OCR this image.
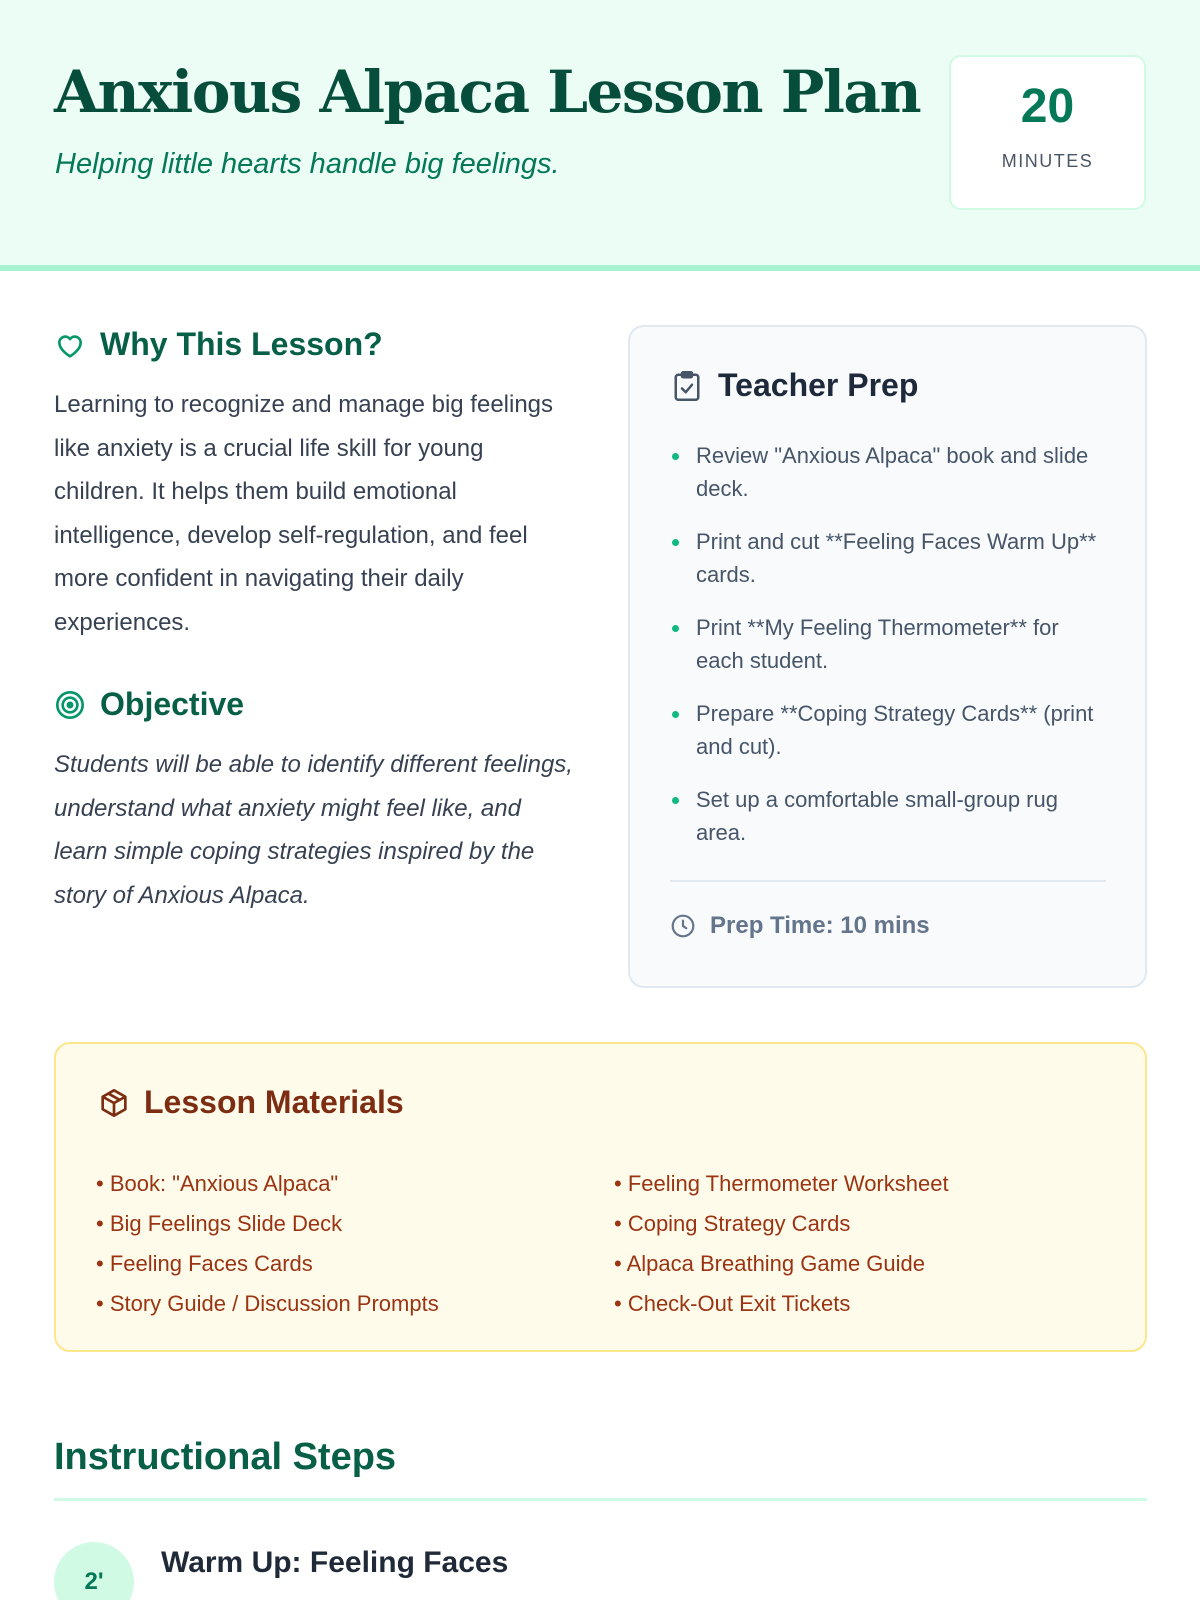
Anxious Alpaca Lesson Plan

Helping little hearts handle big feelings.

20
MINUTES
Why This Lesson?

Learning to recognize and manage big feelings like anxiety is a crucial life skill for young children. It helps them build emotional intelligence, develop self-regulation, and feel more confident in navigating their daily experiences.

Objective

Students will be able to identify different feelings, understand what anxiety might feel like, and learn simple coping strategies inspired by the story of Anxious Alpaca.

Teacher Prep
Review "Anxious Alpaca" book and slide deck.
Print and cut **Feeling Faces Warm Up** cards.
Print **My Feeling Thermometer** for each student.
Prepare **Coping Strategy Cards** (print and cut).
Set up a comfortable small-group rug area.
Prep Time: 10 mins
Lesson Materials
• Book: "Anxious Alpaca"
• Big Feelings Slide Deck
• Feeling Faces Cards
• Story Guide / Discussion Prompts
• Feeling Thermometer Worksheet
• Coping Strategy Cards
• Alpaca Breathing Game Guide
• Check-Out Exit Tickets
Instructional Steps
2'
Warm Up: Feeling Faces
